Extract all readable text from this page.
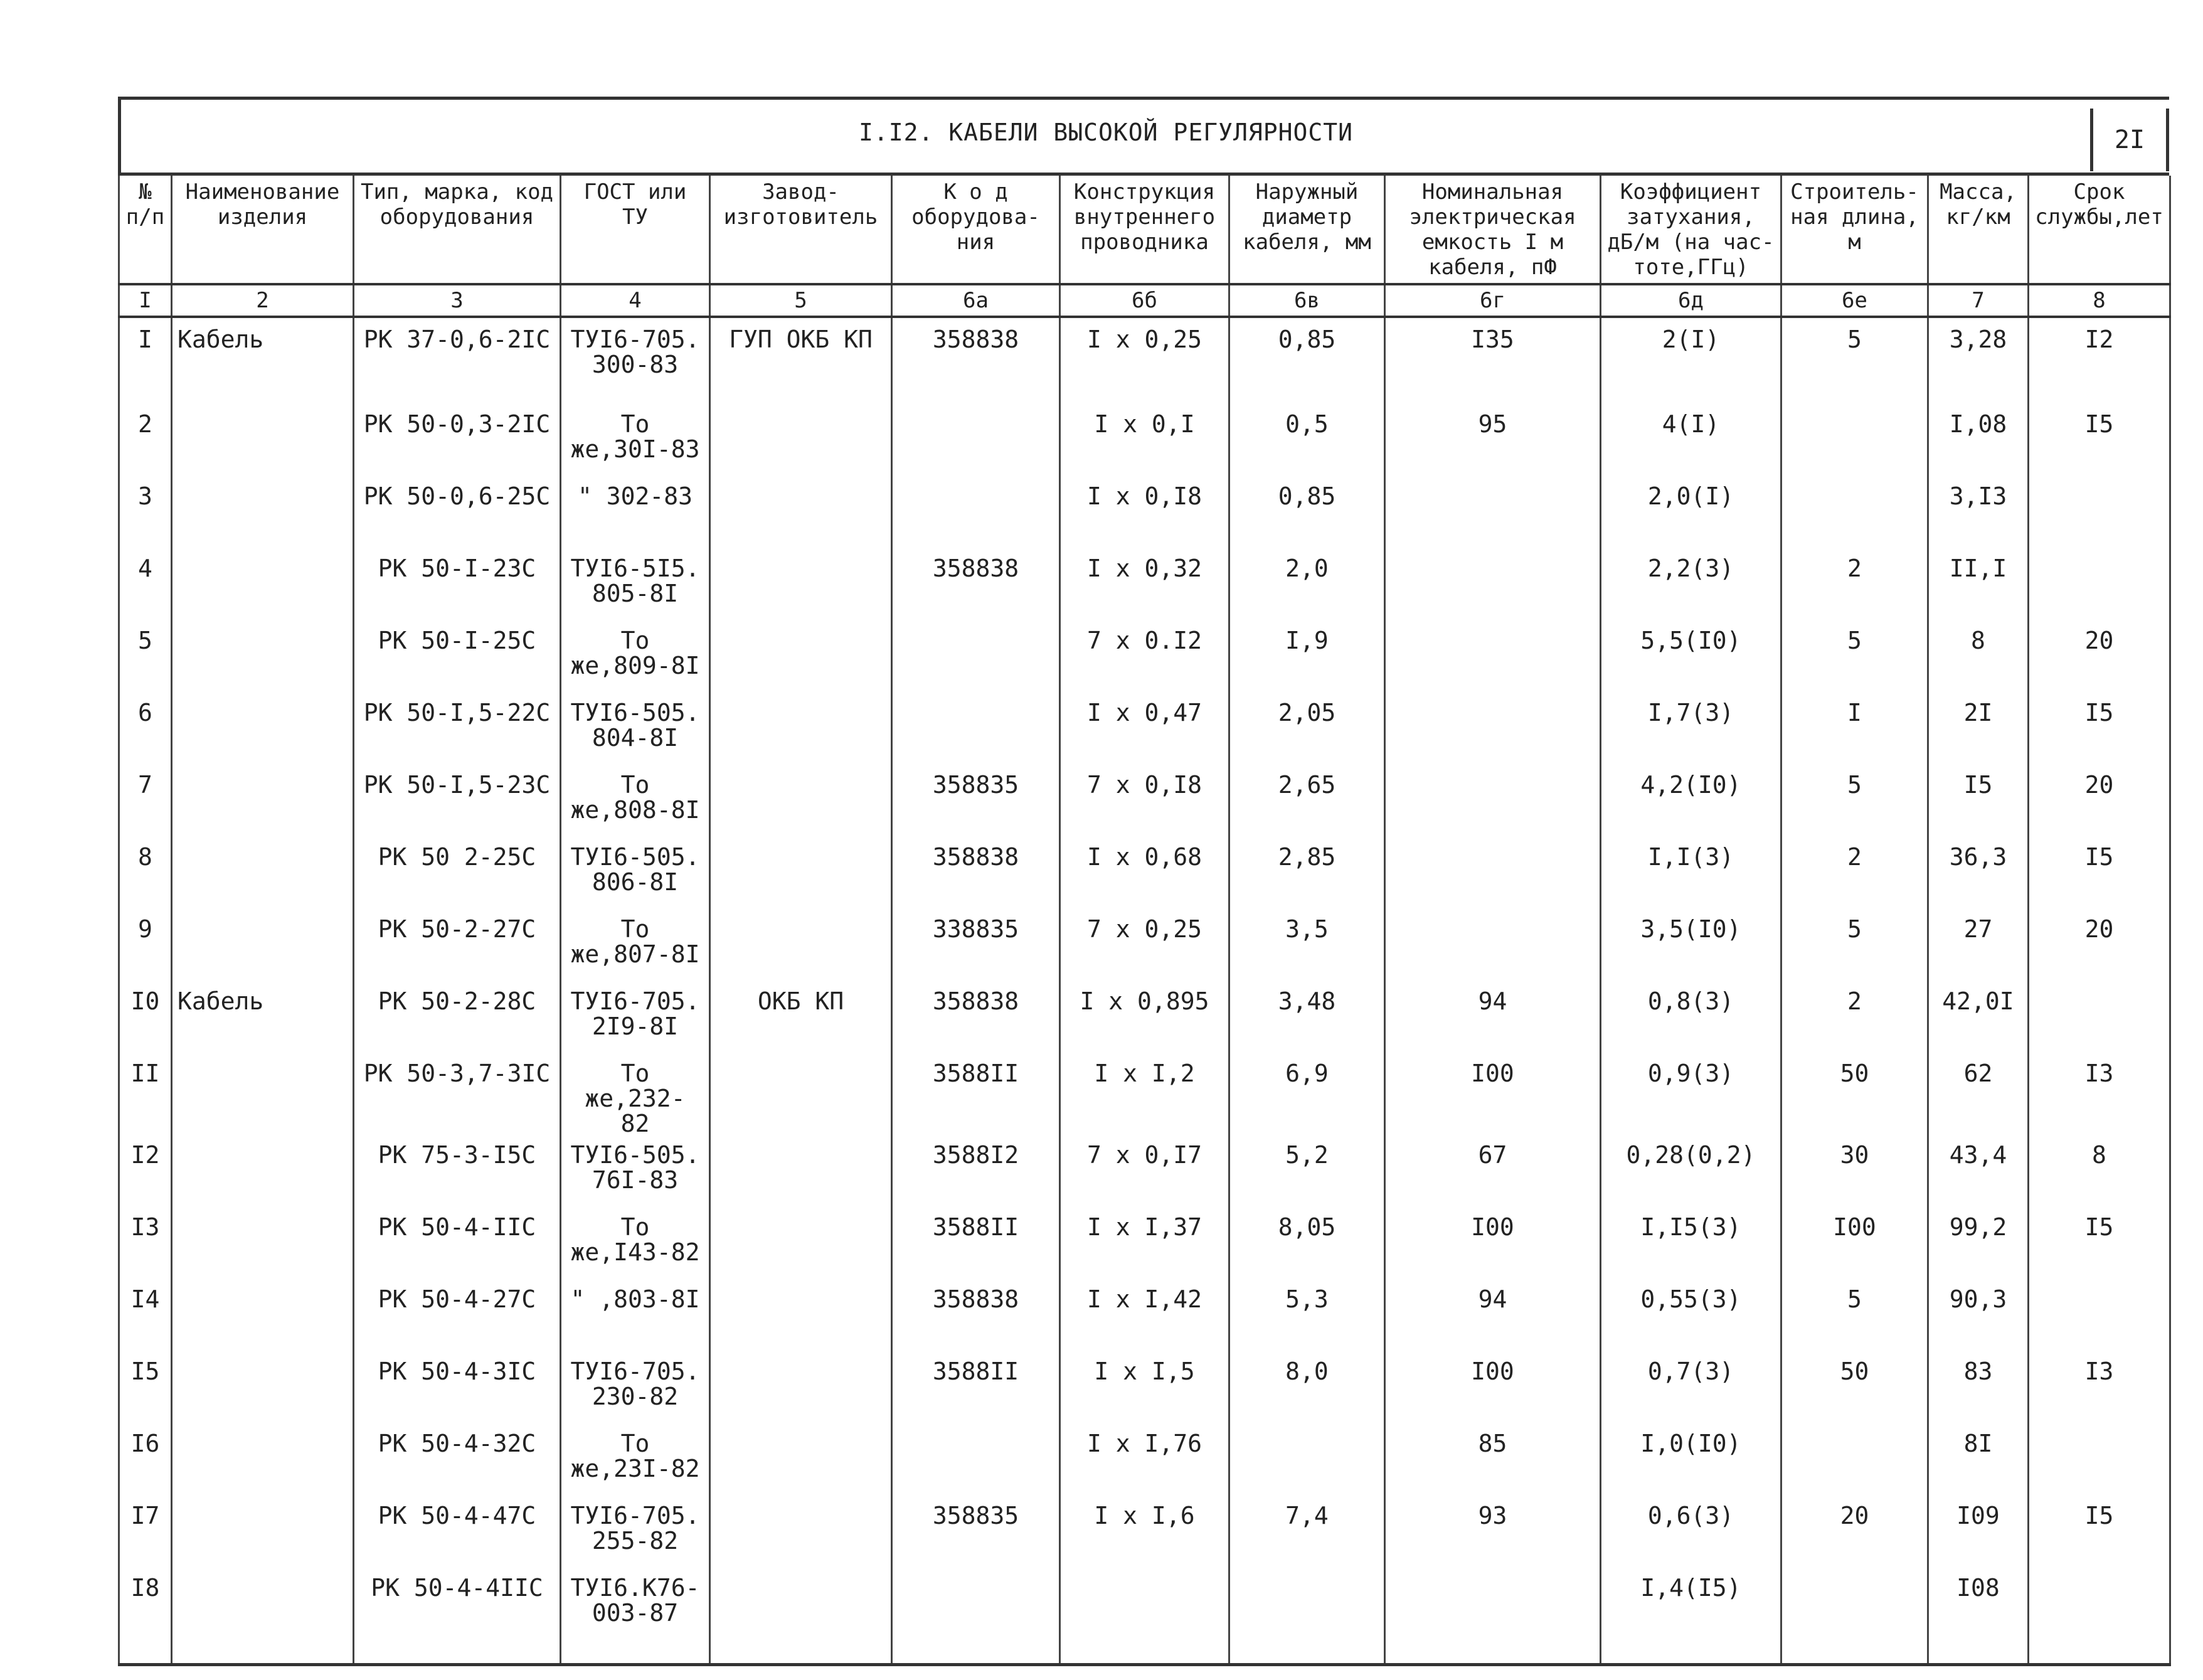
I.I2. КАБЕЛИ ВЫСОКОЙ РЕГУЛЯРНОСТИ	2I
№ п/п	Наименование изделия	Тип, марка, код оборудования	ГОСТ или ТУ	Завод-изготовитель	К о д оборудова-ния	Конструкция внутреннего проводника	Наружный диаметр кабеля, мм	Номинальная электрическая емкость I м кабеля, пФ	Коэффициент затухания, дБ/м (на час-тоте,ГГц)	Строитель-ная длина, м	Масса, кг/км	Срок службы,лет
I	2	3	4	5	6а	6б	6в	6г	6д	6е	7	8
I	Кабель	РК 37-0,6-2IС	ТУI6-705. 300-83	ГУП ОКБ КП	358838	I x 0,25	0,85	I35	2(I)	5	3,28	I2
2		РК 50-0,3-2IС	То же,30I-83			I x 0,I	0,5	95	4(I)		I,08	I5
3		РК 50-0,6-25С	" 302-83			I x 0,I8	0,85		2,0(I)		3,I3	
4		РК 50-I-23С	ТУI6-5I5. 805-8I		358838	I x 0,32	2,0		2,2(3)	2	II,I	
5		РК 50-I-25С	То же,809-8I			7 x 0.I2	I,9		5,5(I0)	5	8	20
6		РК 50-I,5-22С	ТУI6-505. 804-8I			I x 0,47	2,05		I,7(3)	I	2I	I5
7		РК 50-I,5-23С	То же,808-8I		358835	7 x 0,I8	2,65		4,2(I0)	5	I5	20
8		РК 50 2-25С	ТУI6-505. 806-8I		358838	I x 0,68	2,85		I,I(3)	2	36,3	I5
9		РК 50-2-27С	То же,807-8I		338835	7 x 0,25	3,5		3,5(I0)	5	27	20
I0	Кабель	РК 50-2-28С	ТУI6-705. 2I9-8I	ОКБ КП	358838	I x 0,895	3,48	94	0,8(3)	2	42,0I	
II		РК 50-3,7-3IС	То же,232- 82		3588II	I x I,2	6,9	I00	0,9(3)	50	62	I3
I2		РК 75-3-I5С	ТУI6-505. 76I-83		3588I2	7 x 0,I7	5,2	67	0,28(0,2)	30	43,4	8
I3		РК 50-4-IIС	То же,I43-82		3588II	I x I,37	8,05	I00	I,I5(3)	I00	99,2	I5
I4		РК 50-4-27С	" ,803-8I		358838	I x I,42	5,3	94	0,55(3)	5	90,3	
I5		РК 50-4-3IС	ТУI6-705. 230-82		3588II	I x I,5	8,0	I00	0,7(3)	50	83	I3
I6		РК 50-4-32С	То же,23I-82			I x I,76		85	I,0(I0)		8I	
I7		РК 50-4-47С	ТУI6-705. 255-82		358835	I x I,6	7,4	93	0,6(3)	20	I09	I5
I8		РК 50-4-4IIС	ТУI6.К76- 003-87						I,4(I5)		I08	
